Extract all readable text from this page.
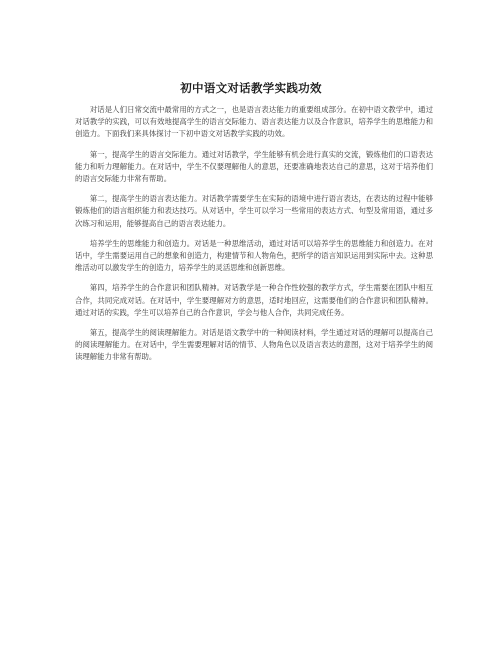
初中语文对话教学实践功效

对话是人们日常交流中最常用的方式之一，也是语言表达能力的重要组成部分。在初中语文教学中，通过对话教学的实践，可以有效地提高学生的语言交际能力、语言表达能力以及合作意识，培养学生的思维能力和创造力。下面我们来具体探讨一下初中语文对话教学实践的功效。

第一，提高学生的语言交际能力。通过对话教学，学生能够有机会进行真实的交流，锻炼他们的口语表达能力和听力理解能力。在对话中，学生不仅要理解他人的意思，还要准确地表达自己的意思，这对于培养他们的语言交际能力非常有帮助。

第二，提高学生的语言表达能力。对话教学需要学生在实际的语境中进行语言表达，在表达的过程中能够锻炼他们的语言组织能力和表达技巧。从对话中，学生可以学习一些常用的表达方式、句型及常用语，通过多次练习和运用，能够提高自己的语言表达能力。

培养学生的思维能力和创造力。对话是一种思维活动，通过对话可以培养学生的思维能力和创造力。在对话中，学生需要运用自己的想象和创造力，构建情节和人物角色，把所学的语言知识运用到实际中去。这种思维活动可以激发学生的创造力，培养学生的灵活思维和创新思维。

第四，培养学生的合作意识和团队精神。对话教学是一种合作性较强的教学方式，学生需要在团队中相互合作，共同完成对话。在对话中，学生要理解对方的意思，适时地回应，这需要他们的合作意识和团队精神。通过对话的实践，学生可以培养自己的合作意识，学会与他人合作，共同完成任务。

第五，提高学生的阅读理解能力。对话是语文教学中的一种阅读材料，学生通过对话的理解可以提高自己的阅读理解能力。在对话中，学生需要理解对话的情节、人物角色以及语言表达的意图，这对于培养学生的阅读理解能力非常有帮助。
